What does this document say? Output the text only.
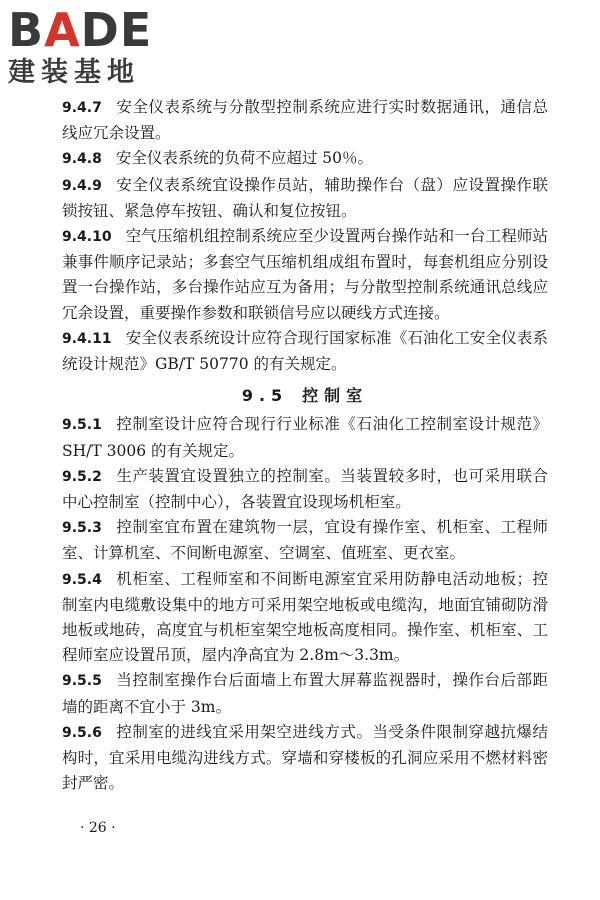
BADE
建装基地

9.4.7 安全仪表系统与分散型控制系统应进行实时数据通讯，通信总线应冗余设置。

9.4.8 安全仪表系统的负荷不应超过 50％。

9.4.9 安全仪表系统宜设操作员站，辅助操作台（盘）应设置操作联锁按钮、紧急停车按钮、确认和复位按钮。

9.4.10 空气压缩机组控制系统应至少设置两台操作站和一台工程师站兼事件顺序记录站；多套空气压缩机组成组布置时，每套机组应分别设置一台操作站，多台操作站应互为备用；与分散型控制系统通讯总线应冗余设置，重要操作参数和联锁信号应以硬线方式连接。

9.4.11 安全仪表系统设计应符合现行国家标准《石油化工安全仪表系统设计规范》GB/T 50770 的有关规定。

9.5 控制室

9.5.1 控制室设计应符合现行行业标准《石油化工控制室设计规范》SH/T 3006 的有关规定。

9.5.2 生产装置宜设置独立的控制室。当装置较多时，也可采用联合中心控制室（控制中心），各装置宜设现场机柜室。

9.5.3 控制室宜布置在建筑物一层，宜设有操作室、机柜室、工程师室、计算机室、不间断电源室、空调室、值班室、更衣室。

9.5.4 机柜室、工程师室和不间断电源室宜采用防静电活动地板；控制室内电缆敷设集中的地方可采用架空地板或电缆沟，地面宜铺砌防滑地板或地砖，高度宜与机柜室架空地板高度相同。操作室、机柜室、工程师室应设置吊顶，屋内净高宜为 2.8m～3.3m。

9.5.5 当控制室操作台后面墙上布置大屏幕监视器时，操作台后部距墙的距离不宜小于 3m。

9.5.6 控制室的进线宜采用架空进线方式。当受条件限制穿越抗爆结构时，宜采用电缆沟进线方式。穿墙和穿楼板的孔洞应采用不燃材料密封严密。

· 26 ·
